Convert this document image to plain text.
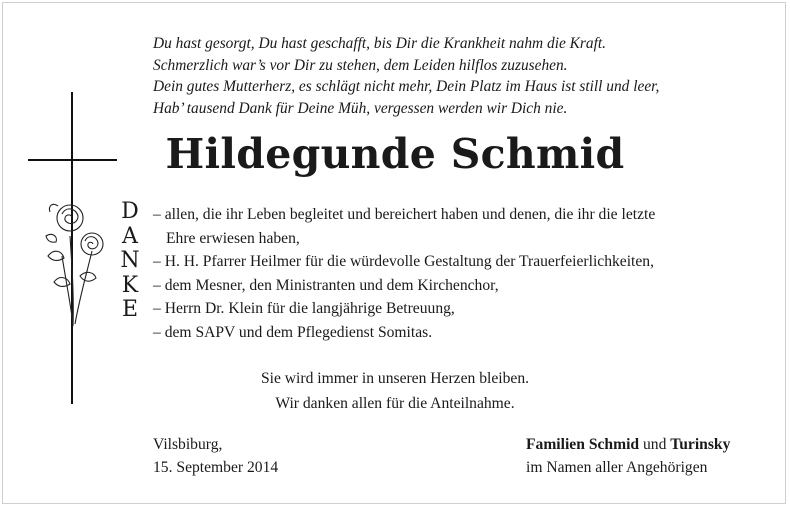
Du hast gesorgt, Du hast geschafft, bis Dir die Krankheit nahm die Kraft.
Schmerzlich war’s vor Dir zu stehen, dem Leiden hilflos zuzusehen.
Dein gutes Mutterherz, es schlägt nicht mehr, Dein Platz im Haus ist still und leer,
Hab’ tausend Dank für Deine Müh, vergessen werden wir Dich nie.
Hildegunde Schmid
D
A
N
K
E
– allen, die ihr Leben begleitet und bereichert haben und denen, die ihr die letzte
Ehre erwiesen haben,
– H. H. Pfarrer Heilmer für die würdevolle Gestaltung der Trauerfeierlichkeiten,
– dem Mesner, den Ministranten und dem Kirchenchor,
– Herrn Dr. Klein für die langjährige Betreuung,
– dem SAPV und dem Pflegedienst Somitas.
Sie wird immer in unseren Herzen bleiben.
Wir danken allen für die Anteilnahme.
Vilsbiburg,
15. September 2014
Familien Schmid und Turinsky
im Namen aller Angehörigen
